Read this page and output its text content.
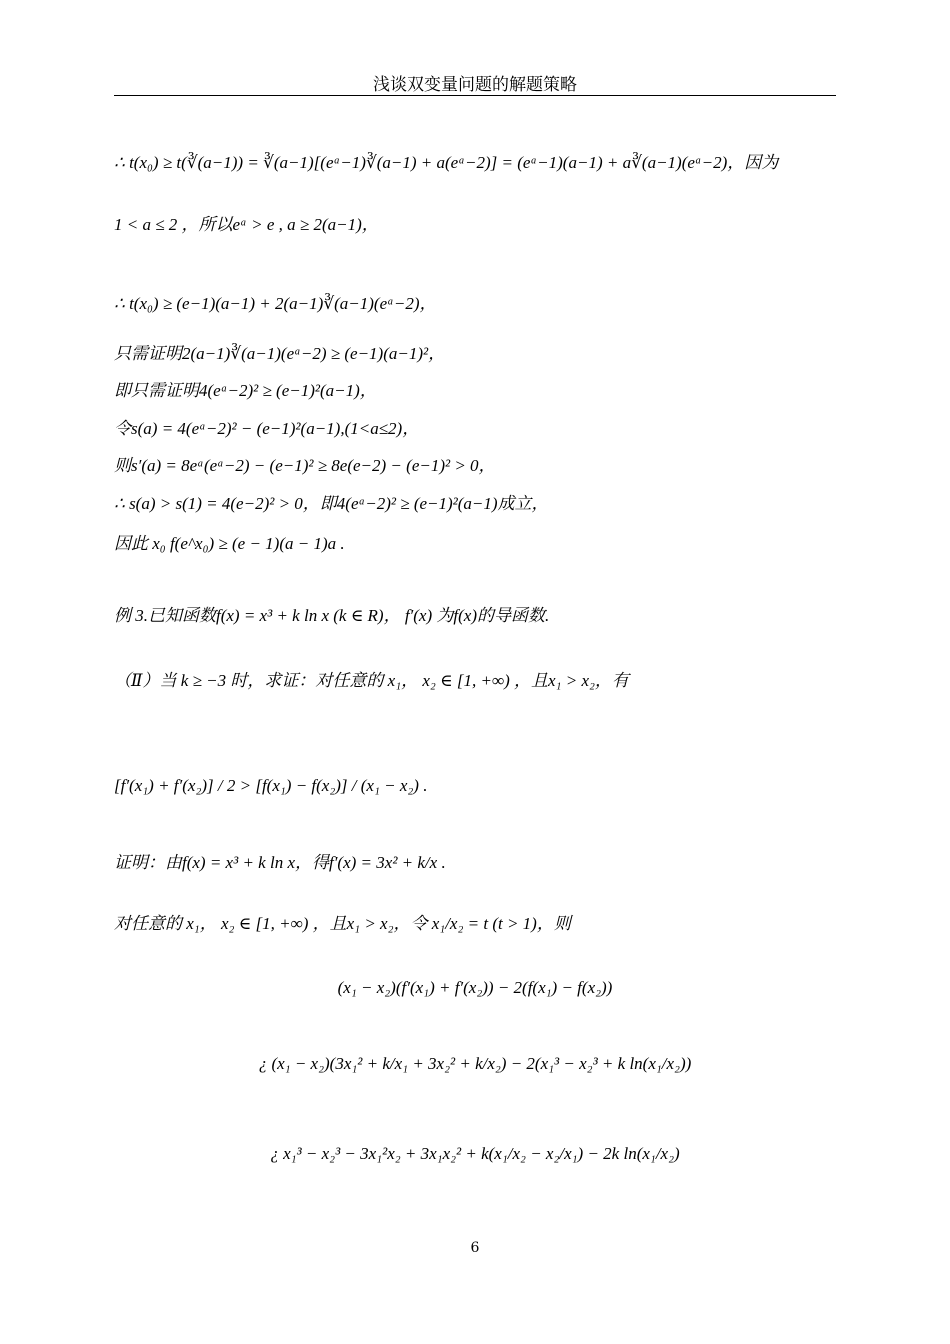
浅谈双变量问题的解题策略
∴ t(x₀) ≥ t(∛(a−1)) = ∛(a−1)[(eᵃ−1)∛(a−1) + a(eᵃ−2)] = (eᵃ−1)(a−1) + a∛(a−1)(eᵃ−2)，因为
1 < a ≤ 2 ，所以eᵃ > e , a ≥ 2(a−1)，
∴ t(x₀) ≥ (e−1)(a−1) + 2(a−1)∛(a−1)(eᵃ−2)，
只需证明2(a−1)∛(a−1)(eᵃ−2) ≥ (e−1)(a−1)²，
即只需证明4(eᵃ−2)² ≥ (e−1)²(a−1)，
令s(a) = 4(eᵃ−2)² − (e−1)²(a−1),(1<a≤2)，
则s′(a) = 8eᵃ(eᵃ−2) − (e−1)² ≥ 8e(e−2) − (e−1)² > 0，
∴ s(a) > s(1) = 4(e−2)² > 0，即4(eᵃ−2)² ≥ (e−1)²(a−1)成立，
因此 x₀ f(e^x₀) ≥ (e − 1)(a − 1)a .
例 3.已知函数f(x) = x³ + k ln x (k ∈ R)， f′(x) 为f(x)的导函数.
（Ⅱ）当 k ≥ −3 时，求证：对任意的 x₁， x₂ ∈ [1, +∞) ，且x₁ > x₂，有
[f′(x₁) + f′(x₂)] / 2 > [f(x₁) − f(x₂)] / (x₁ − x₂) .
证明：由f(x) = x³ + k ln x，得f′(x) = 3x² + k/x .
对任意的 x₁， x₂ ∈ [1, +∞) ，且x₁ > x₂，令 x₁/x₂ = t (t > 1)，则
(x₁ − x₂)(f′(x₁) + f′(x₂)) − 2(f(x₁) − f(x₂))
¿ (x₁ − x₂)(3x₁² + k/x₁ + 3x₂² + k/x₂) − 2(x₁³ − x₂³ + k ln(x₁/x₂))
¿ x₁³ − x₂³ − 3x₁²x₂ + 3x₁x₂² + k(x₁/x₂ − x₂/x₁) − 2k ln(x₁/x₂)
6
